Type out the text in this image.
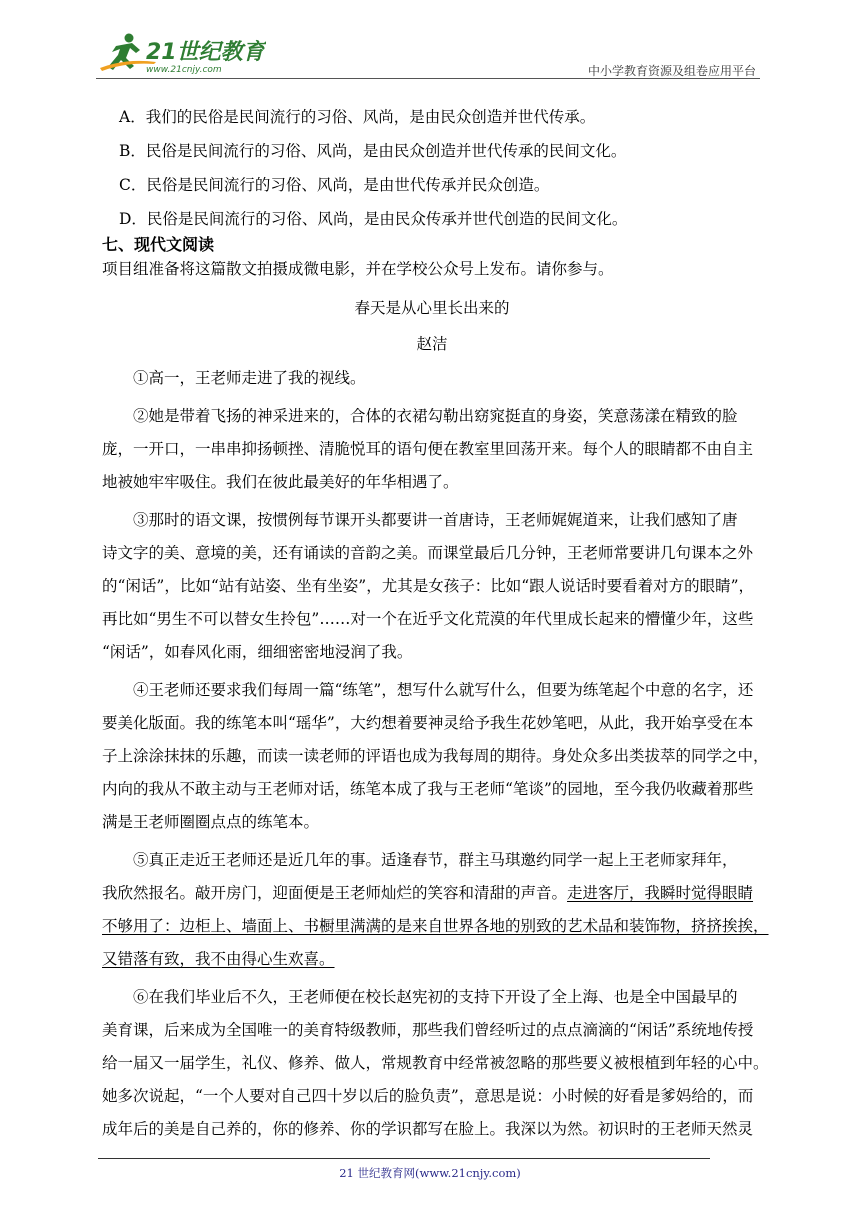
21世纪教育
www.21cnjy.com	中小学教育资源及组卷应用平台
A．我们的民俗是民间流行的习俗、风尚，是由民众创造并世代传承。
B．民俗是民间流行的习俗、风尚，是由民众创造并世代传承的民间文化。
C．民俗是民间流行的习俗、风尚，是由世代传承并民众创造。
D．民俗是民间流行的习俗、风尚，是由民众传承并世代创造的民间文化。
七、现代文阅读
项目组准备将这篇散文拍摄成微电影，并在学校公众号上发布。请你参与。
春天是从心里长出来的
赵洁

①高一，王老师走进了我的视线。

②她是带着飞扬的神采进来的，合体的衣裙勾勒出窈窕挺直的身姿，笑意荡漾在精致的脸

庞，一开口，一串串抑扬顿挫、清脆悦耳的语句便在教室里回荡开来。每个人的眼睛都不由自主

地被她牢牢吸住。我们在彼此最美好的年华相遇了。

③那时的语文课，按惯例每节课开头都要讲一首唐诗，王老师娓娓道来，让我们感知了唐

诗文字的美、意境的美，还有诵读的音韵之美。而课堂最后几分钟，王老师常要讲几句课本之外

的“闲话”，比如“站有站姿、坐有坐姿”，尤其是女孩子：比如“跟人说话时要看着对方的眼睛”，

再比如“男生不可以替女生拎包”……对一个在近乎文化荒漠的年代里成长起来的懵懂少年，这些

“闲话”，如春风化雨，细细密密地浸润了我。

④王老师还要求我们每周一篇“练笔”，想写什么就写什么，但要为练笔起个中意的名字，还

要美化版面。我的练笔本叫“瑶华”，大约想着要神灵给予我生花妙笔吧，从此，我开始享受在本

子上涂涂抹抹的乐趣，而读一读老师的评语也成为我每周的期待。身处众多出类拔萃的同学之中，

内向的我从不敢主动与王老师对话，练笔本成了我与王老师“笔谈”的园地，至今我仍收藏着那些

满是王老师圈圈点点的练笔本。

⑤真正走近王老师还是近几年的事。适逢春节，群主马琪邀约同学一起上王老师家拜年，

我欣然报名。敲开房门，迎面便是王老师灿烂的笑容和清甜的声音。走进客厅，我瞬时觉得眼睛

不够用了：边柜上、墙面上、书橱里满满的是来自世界各地的别致的艺术品和装饰物，挤挤挨挨，

又错落有致，我不由得心生欢喜。

⑥在我们毕业后不久，王老师便在校长赵宪初的支持下开设了全上海、也是全中国最早的

美育课，后来成为全国唯一的美育特级教师，那些我们曾经听过的点点滴滴的“闲话”系统地传授

给一届又一届学生，礼仪、修养、做人，常规教育中经常被忽略的那些要义被根植到年轻的心中。

她多次说起，“一个人要对自己四十岁以后的脸负责”，意思是说：小时候的好看是爹妈给的，而

成年后的美是自己养的，你的修养、你的学识都写在脸上。我深以为然。初识时的王老师天然灵

21 世纪教育网(www.21cnjy.com)
